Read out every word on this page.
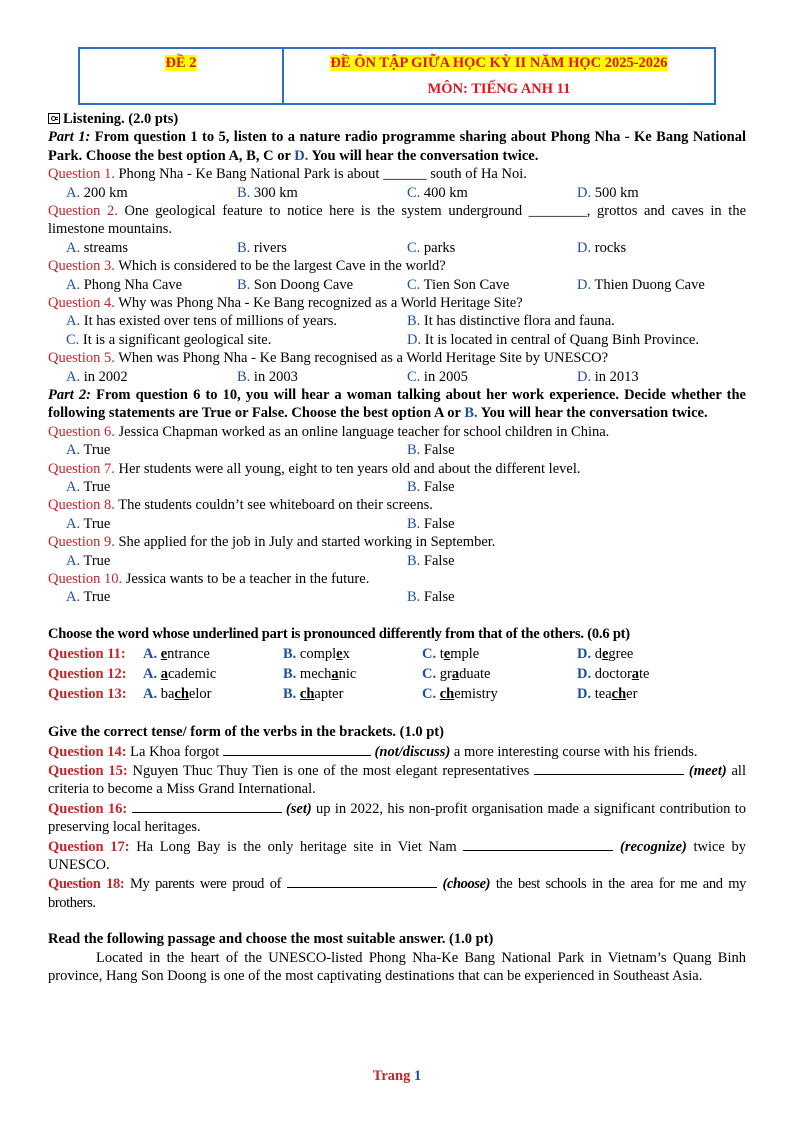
ĐỀ 2	ĐỀ ÔN TẬP GIỮA HỌC KỲ II NĂM HỌC 2025-2026
MÔN: TIẾNG ANH 11
Listening. (2.0 pts)
Part 1: From question 1 to 5, listen to a nature radio programme sharing about Phong Nha - Ke Bang National Park. Choose the best option A, B, C or D. You will hear the conversation twice.
Question 1. Phong Nha - Ke Bang National Park is about ______ south of Ha Noi.
A. 200 km	B. 300 km	C. 400 km	D. 500 km
Question 2. One geological feature to notice here is the system underground ________, grottos and caves in the limestone mountains.
A. streams	B. rivers	C. parks	D. rocks
Question 3. Which is considered to be the largest Cave in the world?
A. Phong Nha Cave	B. Son Doong Cave	C. Tien Son Cave	D. Thien Duong Cave
Question 4. Why was Phong Nha - Ke Bang recognized as a World Heritage Site?
A. It has existed over tens of millions of years.	B. It has distinctive flora and fauna.
C. It is a significant geological site.	D. It is located in central of Quang Binh Province.
Question 5. When was Phong Nha - Ke Bang recognised as a World Heritage Site by UNESCO?
A. in 2002	B. in 2003	C. in 2005	D. in 2013
Part 2: From question 6 to 10, you will hear a woman talking about her work experience. Decide whether the following statements are True or False. Choose the best option A or B. You will hear the conversation twice.
Question 6. Jessica Chapman worked as an online language teacher for school children in China.
A. True	B. False
Question 7. Her students were all young, eight to ten years old and about the different level.
A. True	B. False
Question 8. The students couldn’t see whiteboard on their screens.
A. True	B. False
Question 9. She applied for the job in July and started working in September.
A. True	B. False
Question 10. Jessica wants to be a teacher in the future.
A. True	B. False
Choose the word whose underlined part is pronounced differently from that of the others. (0.6 pt)
Question 11: A. entrance	B. complex	C. temple	D. degree
Question 12: A. academic	B. mechanic	C. graduate	D. doctorate
Question 13: A. bachelor	B. chapter	C. chemistry	D. teacher
Give the correct tense/ form of the verbs in the brackets. (1.0 pt)
Question 14: La Khoa forgot	(not/discuss) a more interesting course with his friends.
Question 15: Nguyen Thuc Thuy Tien is one of the most elegant representatives	(meet) all criteria to become a Miss Grand International.
Question 16:	(set) up in 2022, his non-profit organisation made a significant contribution to preserving local heritages.
Question 17: Ha Long Bay is the only heritage site in Viet Nam	(recognize) twice by UNESCO.
Question 18: My parents were proud of	(choose) the best schools in the area for me and my brothers.
Read the following passage and choose the most suitable answer. (1.0 pt)
Located in the heart of the UNESCO-listed Phong Nha-Ke Bang National Park in Vietnam’s Quang Binh province, Hang Son Doong is one of the most captivating destinations that can be experienced in Southeast Asia.
Trang 1
